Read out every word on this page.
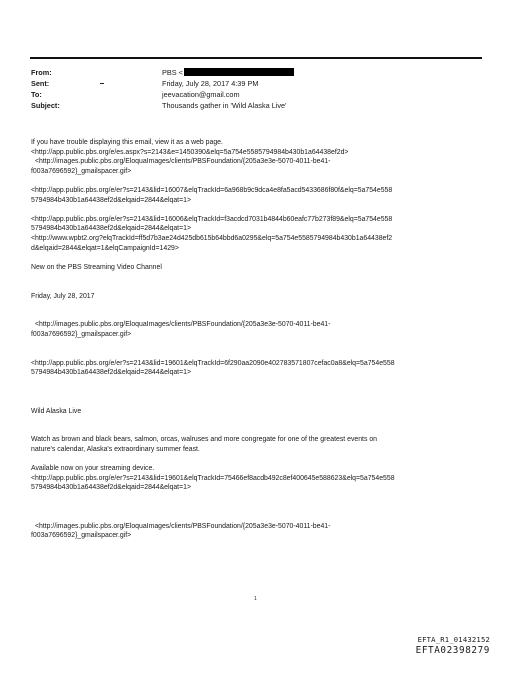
From:	PBS <
Sent:	Friday, July 28, 2017 4:39 PM
To:	jeevacation@gmail.com
Subject:	Thousands gather in 'Wild Alaska Live'
If you have trouble displaying this email, view it as a web page.
<http://app.public.pbs.org/e/es.aspx?s=2143&e=1450390&elq=5a754e5585794984b430b1a64438ef2d>
<http://images.public.pbs.org/EloquaImages/clients/PBSFoundation/{205a3e3e-5070-4011-be41-
f003a7696592}_gmailspacer.gif>
<http://app.public.pbs.org/e/er?s=2143&lid=16007&elqTrackId=6a968b9c9dca4e8fa5acd5433686f80f&elq=5a754e558
5794984b430b1a64438ef2d&elqaid=2844&elqat=1>
<http://app.public.pbs.org/e/er?s=2143&lid=16006&elqTrackId=f3acdcd7031b4844b60eafc77b273f89&elq=5a754e558
5794984b430b1a64438ef2d&elqaid=2844&elqat=1>
<http://www.wpbt2.org?elqTrackId=ff5d7b3ae24d425db615b64bbd6a0295&elq=5a754e5585794984b430b1a64438ef2
d&elqaid=2844&elqat=1&elqCampaignId=1429>
New on the PBS Streaming Video Channel
Friday, July 28, 2017
<http://images.public.pbs.org/EloquaImages/clients/PBSFoundation/{205a3e3e-5070-4011-be41-
f003a7696592}_gmailspacer.gif>
<http://app.public.pbs.org/e/er?s=2143&lid=19601&elqTrackId=6f290aa2090e402783571807cefac0a8&elq=5a754e558
5794984b430b1a64438ef2d&elqaid=2844&elqat=1>
Wild Alaska Live
Watch as brown and black bears, salmon, orcas, walruses and more congregate for one of the greatest events on
nature's calendar, Alaska's extraordinary summer feast.
Available now on your streaming device.
<http://app.public.pbs.org/e/er?s=2143&lid=19601&elqTrackId=75466ef8acdb492c8ef400645e588623&elq=5a754e558
5794984b430b1a64438ef2d&elqaid=2844&elqat=1>
<http://images.public.pbs.org/EloquaImages/clients/PBSFoundation/{205a3e3e-5070-4011-be41-
f003a7696592}_gmailspacer.gif>
1
EFTA_R1_01432152
EFTA02398279
